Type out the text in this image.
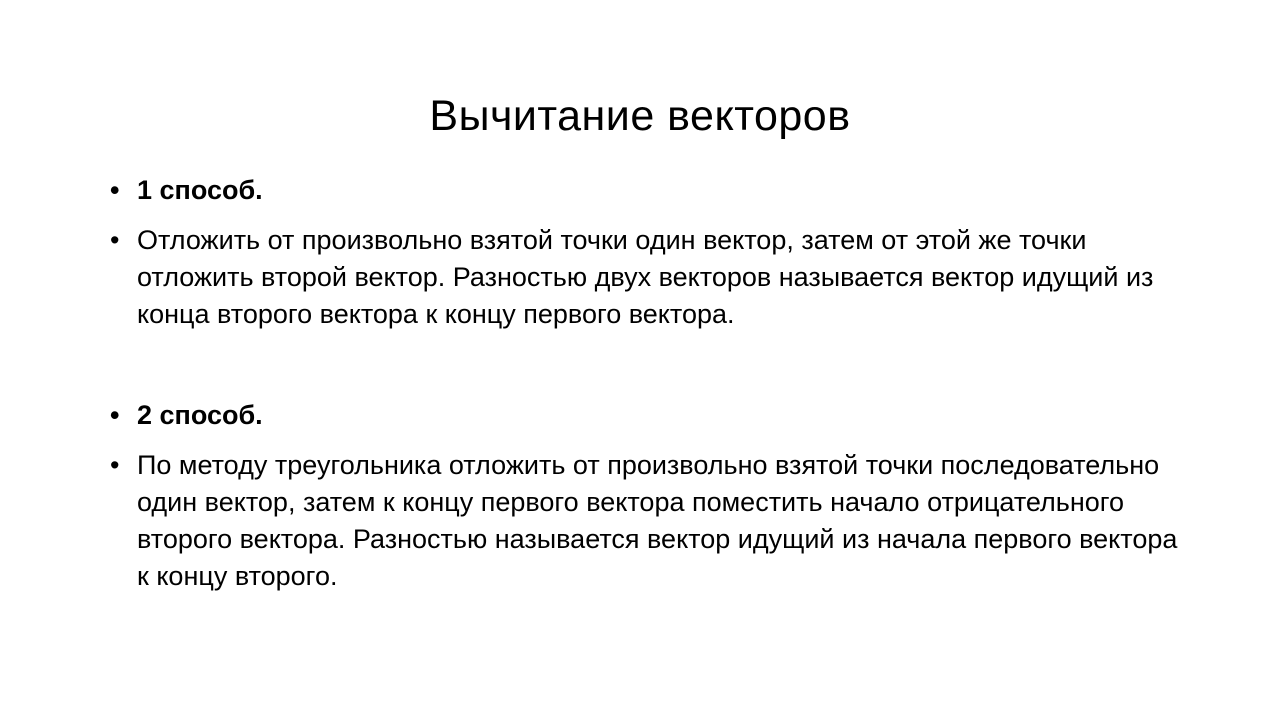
Вычитание векторов
• 1 способ.
• Отложить от произвольно взятой точки один вектор, затем от этой же точки отложить второй вектор. Разностью двух векторов называется вектор идущий из конца второго вектора к концу первого вектора.
• 2 способ.
• По методу треугольника отложить от произвольно взятой точки последовательно один вектор, затем к концу первого вектора поместить начало отрицательного второго вектора. Разностью называется вектор идущий из начала первого вектора к концу второго.
